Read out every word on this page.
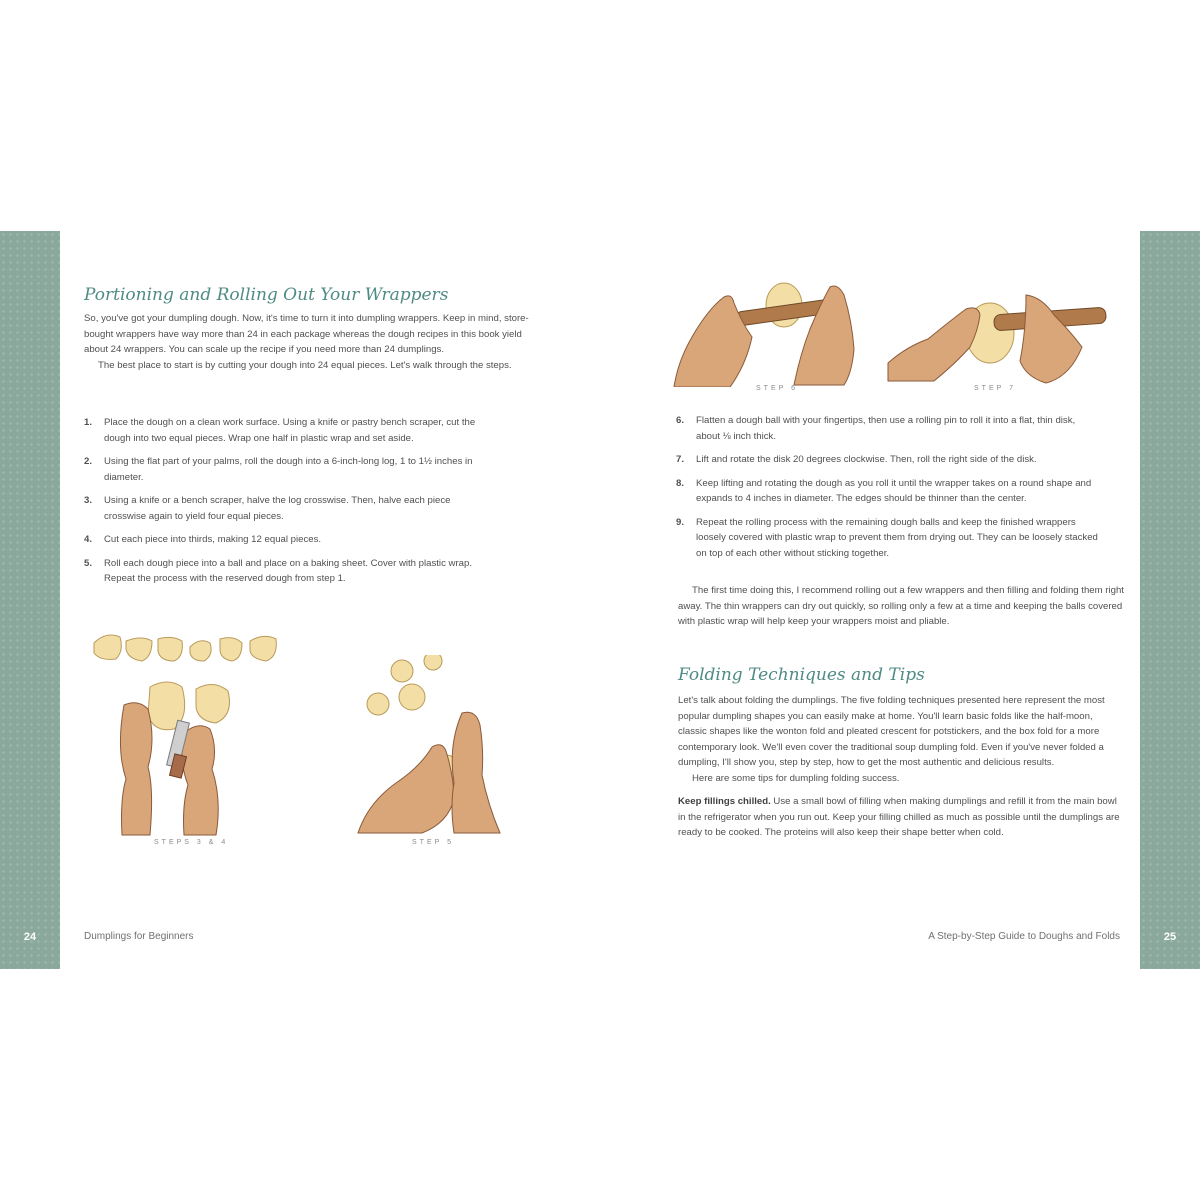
24	25
Portioning and Rolling Out Your Wrappers

So, you've got your dumpling dough. Now, it's time to turn it into dumpling wrappers. Keep in mind, store-bought wrappers have way more than 24 in each package whereas the dough recipes in this book yield about 24 wrappers. You can scale up the recipe if you need more than 24 dumplings.

The best place to start is by cutting your dough into 24 equal pieces. Let's walk through the steps.

1. Place the dough on a clean work surface. Using a knife or pastry bench scraper, cut the dough into two equal pieces. Wrap one half in plastic wrap and set aside.
2. Using the flat part of your palms, roll the dough into a 6-inch-long log, 1 to 1½ inches in diameter.
3. Using a knife or a bench scraper, halve the log crosswise. Then, halve each piece crosswise again to yield four equal pieces.
4. Cut each piece into thirds, making 12 equal pieces.
5. Roll each dough piece into a ball and place on a baking sheet. Cover with plastic wrap. Repeat the process with the reserved dough from step 1.
STEPS 3 & 4	STEP 5
Dumplings for Beginners
STEP 6	STEP 7
6. Flatten a dough ball with your fingertips, then use a rolling pin to roll it into a flat, thin disk, about ⅛ inch thick.
7. Lift and rotate the disk 20 degrees clockwise. Then, roll the right side of the disk.
8. Keep lifting and rotating the dough as you roll it until the wrapper takes on a round shape and expands to 4 inches in diameter. The edges should be thinner than the center.
9. Repeat the rolling process with the remaining dough balls and keep the finished wrappers loosely covered with plastic wrap to prevent them from drying out. They can be loosely stacked on top of each other without sticking together.

The first time doing this, I recommend rolling out a few wrappers and then filling and folding them right away. The thin wrappers can dry out quickly, so rolling only a few at a time and keeping the balls covered with plastic wrap will help keep your wrappers moist and pliable.

Folding Techniques and Tips

Let's talk about folding the dumplings. The five folding techniques presented here represent the most popular dumpling shapes you can easily make at home. You'll learn basic folds like the half-moon, classic shapes like the wonton fold and pleated crescent for potstickers, and the box fold for a more contemporary look. We'll even cover the traditional soup dumpling fold. Even if you've never folded a dumpling, I'll show you, step by step, how to get the most authentic and delicious results.

Here are some tips for dumpling folding success.

Keep fillings chilled. Use a small bowl of filling when making dumplings and refill it from the main bowl in the refrigerator when you run out. Keep your filling chilled as much as possible until the dumplings are ready to be cooked. The proteins will also keep their shape better when cold.

A Step-by-Step Guide to Doughs and Folds
